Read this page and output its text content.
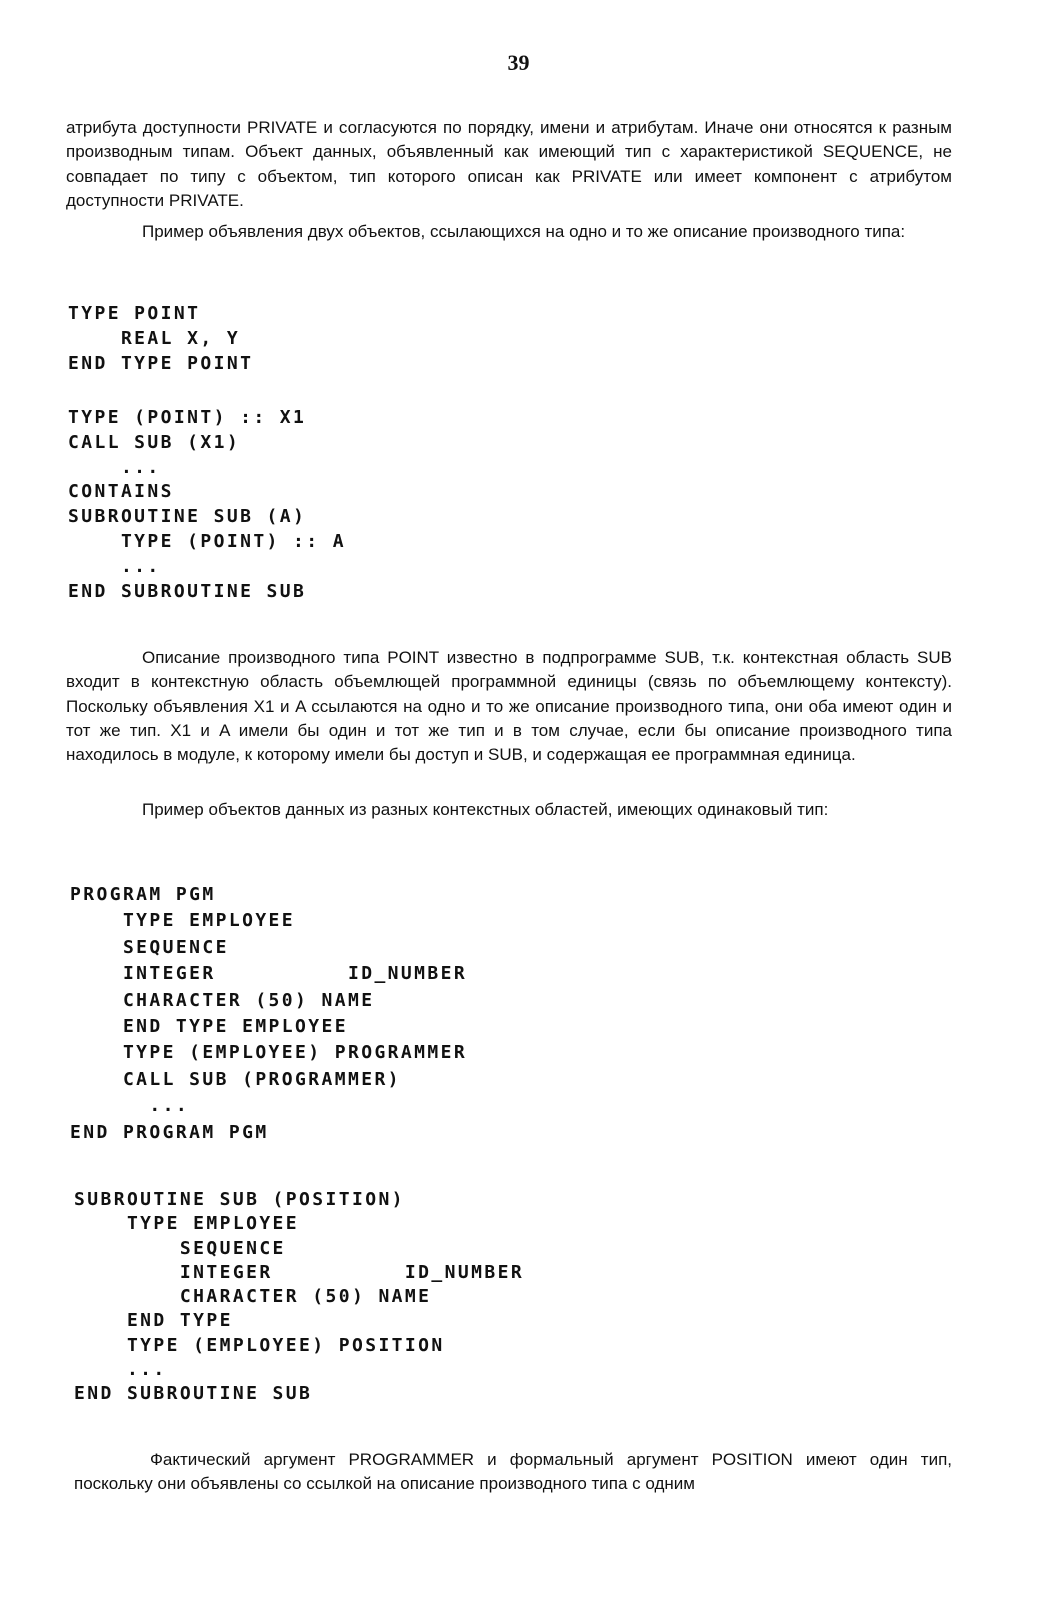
39

атрибута доступности PRIVATE и согласуются по порядку, имени и атрибутам. Иначе они относятся к разным производным типам. Объект данных, объявленный как имеющий тип с характеристикой SEQUENCE, не совпадает по типу с объектом, тип которого описан как PRIVATE или имеет компонент с атрибутом доступности PRIVATE.

Пример объявления двух объектов, ссылающихся на одно и то же описание производного типа:

TYPE POINT
REAL X, Y
END TYPE POINT
TYPE (POINT) :: X1
CALL SUB (X1)
...
CONTAINS
SUBROUTINE SUB (A)
TYPE (POINT) :: A
...
END SUBROUTINE SUB

Описание производного типа POINT известно в подпрограмме SUB, т.к. контекстная область SUB входит в контекстную область объемлющей программной единицы (связь по объемлющему контексту). Поскольку объявления X1 и A ссылаются на одно и то же описание производного типа, они оба имеют один и тот же тип. X1 и A имели бы один и тот же тип и в том случае, если бы описание производного типа находилось в модуле, к которому имели бы доступ и SUB, и содержащая ее программная единица.

Пример объектов данных из разных контекстных областей, имеющих одинаковый тип:

PROGRAM PGM
TYPE EMPLOYEE
SEQUENCE
INTEGER          ID_NUMBER
CHARACTER (50) NAME
END TYPE EMPLOYEE
TYPE (EMPLOYEE) PROGRAMMER
CALL SUB (PROGRAMMER)
...
END PROGRAM PGM
SUBROUTINE SUB (POSITION)
TYPE EMPLOYEE
SEQUENCE
INTEGER          ID_NUMBER
CHARACTER (50) NAME
END TYPE
TYPE (EMPLOYEE) POSITION
...
END SUBROUTINE SUB

Фактический аргумент PROGRAMMER и формальный аргумент POSITION имеют один тип, поскольку они объявлены со ссылкой на описание производного типа с одним
